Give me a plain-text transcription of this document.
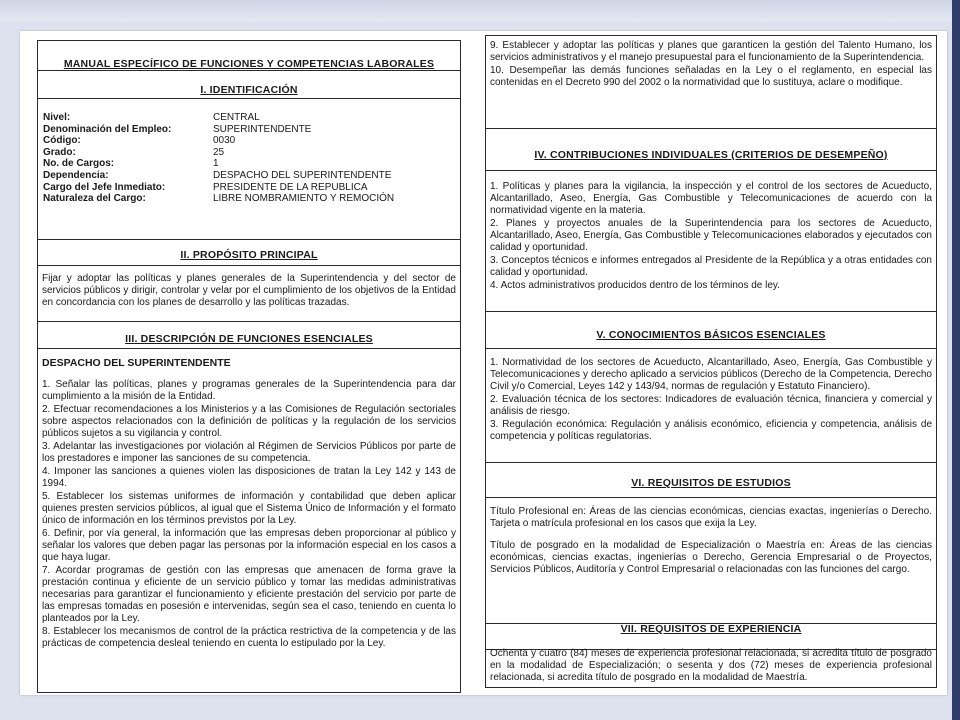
MANUAL ESPECÍFICO DE FUNCIONES Y COMPETENCIAS LABORALES
I. IDENTIFICACIÓN
Nivel:	CENTRAL
Denominación del Empleo:	SUPERINTENDENTE
Código:	0030
Grado:	25
No. de Cargos:	1
Dependencia:	DESPACHO DEL SUPERINTENDENTE
Cargo del Jefe Inmediato:	PRESIDENTE DE LA REPUBLICA
Naturaleza del Cargo:	LIBRE NOMBRAMIENTO Y REMOCIÓN
II. PROPÓSITO PRINCIPAL
Fijar y adoptar las políticas y planes generales de la Superintendencia y del sector de servicios públicos y dirigir, controlar y velar por el cumplimiento de los objetivos de la Entidad en concordancia con los planes de desarrollo y las políticas trazadas.
III. DESCRIPCIÓN DE FUNCIONES ESENCIALES
DESPACHO DEL SUPERINTENDENTE

1. Señalar las políticas, planes y programas generales de la Superintendencia para dar cumplimiento a la misión de la Entidad.

2. Efectuar recomendaciones a los Ministerios y a las Comisiones de Regulación sectoriales sobre aspectos relacionados con la definición de políticas y la regulación de los servicios públicos sujetos a su vigilancia y control.

3. Adelantar las investigaciones por violación al Régimen de Servicios Públicos por parte de los prestadores e imponer las sanciones de su competencia.

4. Imponer las sanciones a quienes violen las disposiciones de tratan la Ley 142 y 143 de 1994.

5. Establecer los sistemas uniformes de información y contabilidad que deben aplicar quienes presten servicios públicos, al igual que el Sistema Único de Información y el formato único de información en los términos previstos por la Ley.

6. Definir, por vía general, la información que las empresas deben proporcionar al público y señalar los valores que deben pagar las personas por la información especial en los casos a que haya lugar.

7. Acordar programas de gestión con las empresas que amenacen de forma grave la prestación continua y eficiente de un servicio público y tomar las medidas administrativas necesarias para garantizar el funcionamiento y eficiente prestación del servicio por parte de las empresas tomadas en posesión e intervenidas, según sea el caso, teniendo en cuenta lo planteados por la Ley.

8. Establecer los mecanismos de control de la práctica restrictiva de la competencia y de las prácticas de competencia desleal teniendo en cuenta lo estipulado por la Ley.

9. Establecer y adoptar las políticas y planes que garanticen la gestión del Talento Humano, los servicios administrativos y el manejo presupuestal para el funcionamiento de la Superintendencia.

10. Desempeñar las demás funciones señaladas en la Ley o el reglamento, en especial las contenidas en el Decreto 990 del 2002 o la normatividad que lo sustituya, aclare o modifique.

IV. CONTRIBUCIONES INDIVIDUALES (CRITERIOS DE DESEMPEÑO)

1. Políticas y planes para la vigilancia, la inspección y el control de los sectores de Acueducto, Alcantarillado, Aseo, Energía, Gas Combustible y Telecomunicaciones de acuerdo con la normatividad vigente en la materia.

2. Planes y proyectos anuales de la Superintendencia para los sectores de Acueducto, Alcantarillado, Aseo, Energía, Gas Combustible y Telecomunicaciones elaborados y ejecutados con calidad y oportunidad.

3. Conceptos técnicos e informes entregados al Presidente de la República y a otras entidades con calidad y oportunidad.

4. Actos administrativos producidos dentro de los términos de ley.

V. CONOCIMIENTOS BÁSICOS ESENCIALES

1. Normatividad de los sectores de Acueducto, Alcantarillado, Aseo, Energía, Gas Combustible y Telecomunicaciones y derecho aplicado a servicios públicos (Derecho de la Competencia, Derecho Civil y/o Comercial, Leyes 142 y 143/94, normas de regulación y Estatuto Financiero).

2. Evaluación técnica de los sectores: Indicadores de evaluación técnica, financiera y comercial y análisis de riesgo.

3. Regulación económica: Regulación y análisis económico, eficiencia y competencia, análisis de competencia y políticas regulatorias.

VI. REQUISITOS DE ESTUDIOS

Título Profesional en: Áreas de las ciencias económicas, ciencias exactas, ingenierías o Derecho. Tarjeta o matrícula profesional en los casos que exija la Ley.

Título de posgrado en la modalidad de Especialización o Maestría en: Áreas de las ciencias económicas, ciencias exactas, ingenierías o Derecho, Gerencia Empresarial o de Proyectos, Servicios Públicos, Auditoría y Control Empresarial o relacionadas con las funciones del cargo.

VII. REQUISITOS DE EXPERIENCIA
Ochenta y cuatro (84) meses de experiencia profesional relacionada, si acredita título de posgrado en la modalidad de Especialización; o sesenta y dos (72) meses de experiencia profesional relacionada, si acredita título de posgrado en la modalidad de Maestría.
